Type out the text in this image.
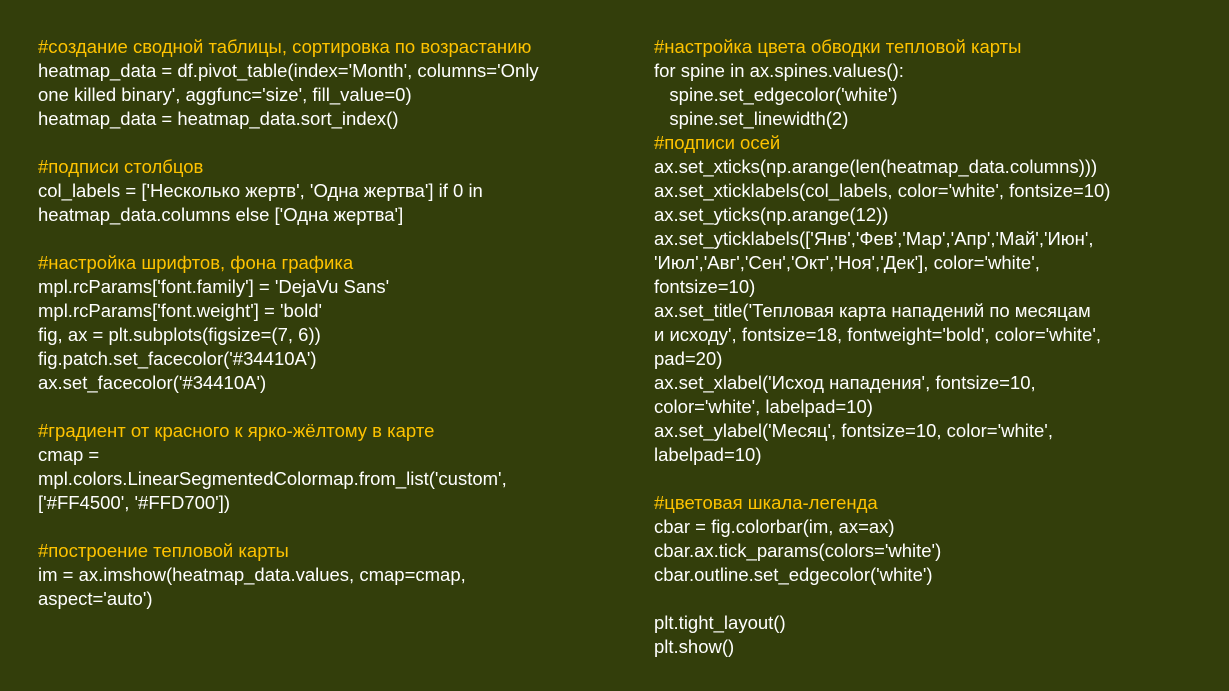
#создание сводной таблицы, сортировка по возрастанию
heatmap_data = df.pivot_table(index='Month', columns='Only
one killed binary', aggfunc='size', fill_value=0)
heatmap_data = heatmap_data.sort_index()
#подписи столбцов
col_labels = ['Несколько жертв', 'Одна жертва'] if 0 in
heatmap_data.columns else ['Одна жертва']
#настройка шрифтов, фона графика
mpl.rcParams['font.family'] = 'DejaVu Sans'
mpl.rcParams['font.weight'] = 'bold'
fig, ax = plt.subplots(figsize=(7, 6))
fig.patch.set_facecolor('#34410A')
ax.set_facecolor('#34410A')
#градиент от красного к ярко-жёлтому в карте
cmap =
mpl.colors.LinearSegmentedColormap.from_list('custom',
['#FF4500', '#FFD700'])
#построение тепловой карты
im = ax.imshow(heatmap_data.values, cmap=cmap,
aspect='auto')
#настройка цвета обводки тепловой карты
for spine in ax.spines.values():
spine.set_edgecolor('white')
spine.set_linewidth(2)
#подписи осей
ax.set_xticks(np.arange(len(heatmap_data.columns)))
ax.set_xticklabels(col_labels, color='white', fontsize=10)
ax.set_yticks(np.arange(12))
ax.set_yticklabels(['Янв','Фев','Мар','Апр','Май','Июн',
'Июл','Авг','Сен','Окт','Ноя','Дек'], color='white',
fontsize=10)
ax.set_title('Тепловая карта нападений по месяцам
и исходу', fontsize=18, fontweight='bold', color='white',
pad=20)
ax.set_xlabel('Исход нападения', fontsize=10,
color='white', labelpad=10)
ax.set_ylabel('Месяц', fontsize=10, color='white',
labelpad=10)
#цветовая шкала-легенда
cbar = fig.colorbar(im, ax=ax)
cbar.ax.tick_params(colors='white')
cbar.outline.set_edgecolor('white')
plt.tight_layout()
plt.show()
